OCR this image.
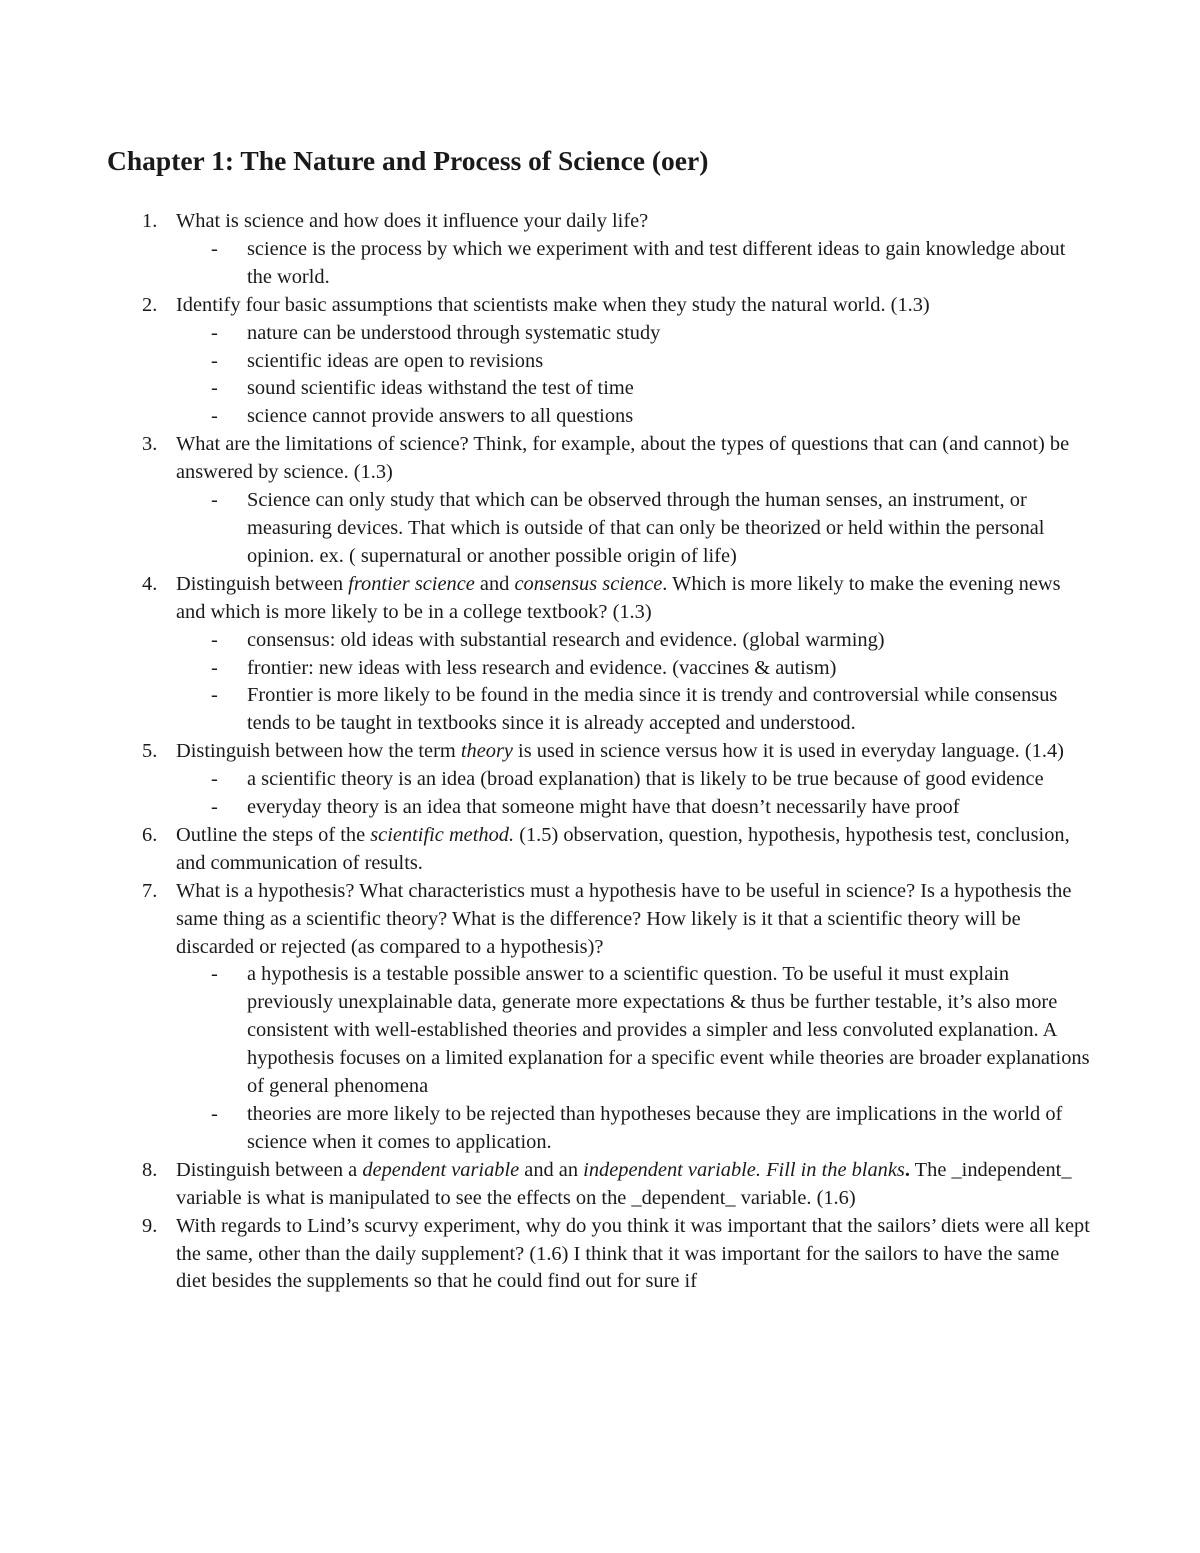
Chapter 1: The Nature and Process of Science (oer)
1. What is science and how does it influence your daily life?
- science is the process by which we experiment with and test different ideas to gain knowledge about the world.
2. Identify four basic assumptions that scientists make when they study the natural world. (1.3)
- nature can be understood through systematic study
- scientific ideas are open to revisions
- sound scientific ideas withstand the test of time
- science cannot provide answers to all questions
3. What are the limitations of science? Think, for example, about the types of questions that can (and cannot) be answered by science. (1.3)
- Science can only study that which can be observed through the human senses, an instrument, or measuring devices. That which is outside of that can only be theorized or held within the personal opinion. ex. ( supernatural or another possible origin of life)
4. Distinguish between frontier science and consensus science. Which is more likely to make the evening news and which is more likely to be in a college textbook? (1.3)
- consensus: old ideas with substantial research and evidence. (global warming)
- frontier: new ideas with less research and evidence. (vaccines & autism)
- Frontier is more likely to be found in the media since it is trendy and controversial while consensus tends to be taught in textbooks since it is already accepted and understood.
5. Distinguish between how the term theory is used in science versus how it is used in everyday language. (1.4)
- a scientific theory is an idea (broad explanation) that is likely to be true because of good evidence
- everyday theory is an idea that someone might have that doesn’t necessarily have proof
6. Outline the steps of the scientific method. (1.5) observation, question, hypothesis, hypothesis test, conclusion, and communication of results.
7. What is a hypothesis? What characteristics must a hypothesis have to be useful in science? Is a hypothesis the same thing as a scientific theory? What is the difference? How likely is it that a scientific theory will be discarded or rejected (as compared to a hypothesis)?
- a hypothesis is a testable possible answer to a scientific question. To be useful it must explain previously unexplainable data, generate more expectations & thus be further testable, it’s also more consistent with well-established theories and provides a simpler and less convoluted explanation. A hypothesis focuses on a limited explanation for a specific event while theories are broader explanations of general phenomena
- theories are more likely to be rejected than hypotheses because they are implications in the world of science when it comes to application.
8. Distinguish between a dependent variable and an independent variable. Fill in the blanks. The _independent_ variable is what is manipulated to see the effects on the _dependent_ variable. (1.6)
9. With regards to Lind’s scurvy experiment, why do you think it was important that the sailors’ diets were all kept the same, other than the daily supplement? (1.6) I think that it was important for the sailors to have the same diet besides the supplements so that he could find out for sure if
